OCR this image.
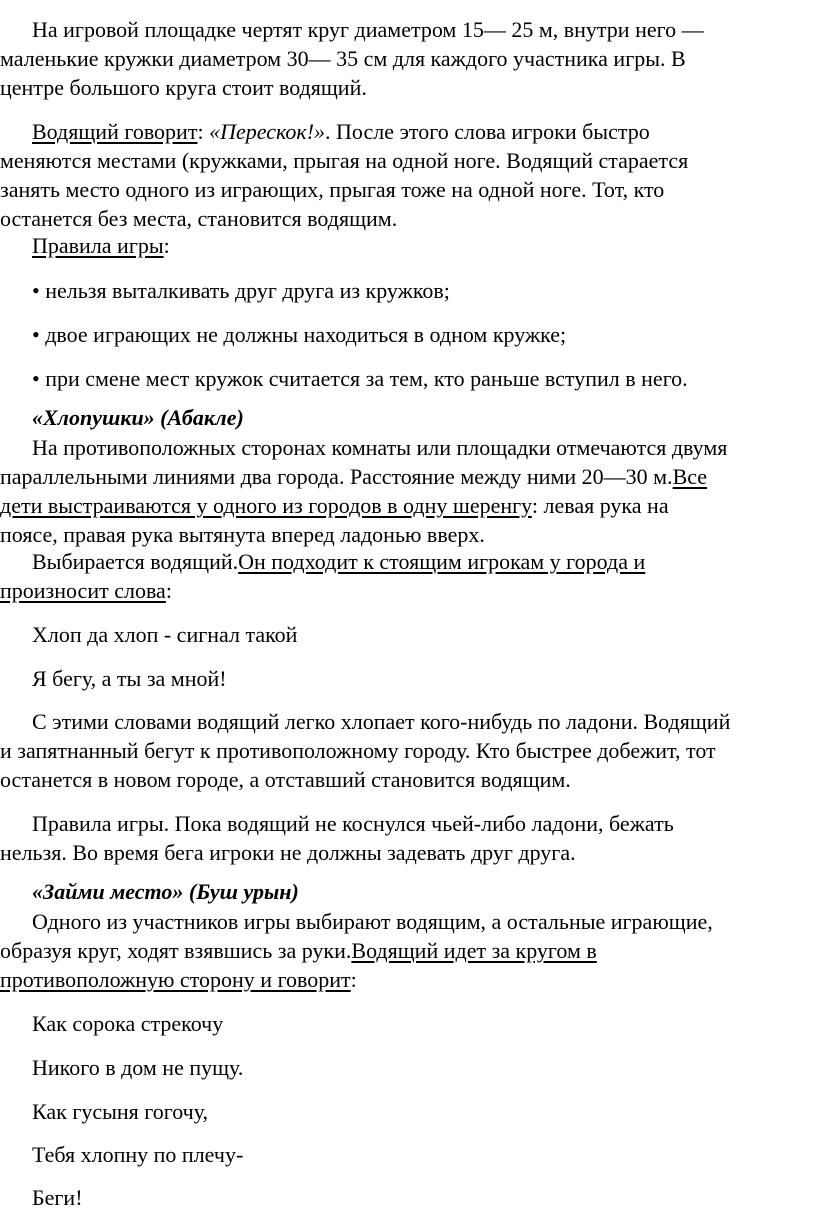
На игровой площадке чертят круг диаметром 15— 25 м, внутри него —
маленькие кружки диаметром 30— 35 см для каждого участника игры. В
центре большого круга стоит водящий.
Водящий говорит: «Перескок!». После этого слова игроки быстро
меняются местами (кружками, прыгая на одной ноге. Водящий старается
занять место одного из играющих, прыгая тоже на одной ноге. Тот, кто
останется без места, становится водящим.
Правила игры:
• нельзя выталкивать друг друга из кружков;
• двое играющих не должны находиться в одном кружке;
• при смене мест кружок считается за тем, кто раньше вступил в него.
«Хлопушки» (Абакле)
На противоположных сторонах комнаты или площадки отмечаются двумя
параллельными линиями два города. Расстояние между ними 20—30 м.Все
дети выстраиваются у одного из городов в одну шеренгу: левая рука на
поясе, правая рука вытянута вперед ладонью вверх.
Выбирается водящий.Он подходит к стоящим игрокам у города и
произносит слова:
Хлоп да хлоп - сигнал такой
Я бегу, а ты за мной!
С этими словами водящий легко хлопает кого-нибудь по ладони. Водящий
и запятнанный бегут к противоположному городу. Кто быстрее добежит, тот
останется в новом городе, а отставший становится водящим.
Правила игры. Пока водящий не коснулся чьей-либо ладони, бежать
нельзя. Во время бега игроки не должны задевать друг друга.
«Займи место» (Буш урын)
Одного из участников игры выбирают водящим, а остальные играющие,
образуя круг, ходят взявшись за руки.Водящий идет за кругом в
противоположную сторону и говорит:
Как сорока стрекочу
Никого в дом не пущу.
Как гусыня гогочу,
Тебя хлопну по плечу-
Беги!
